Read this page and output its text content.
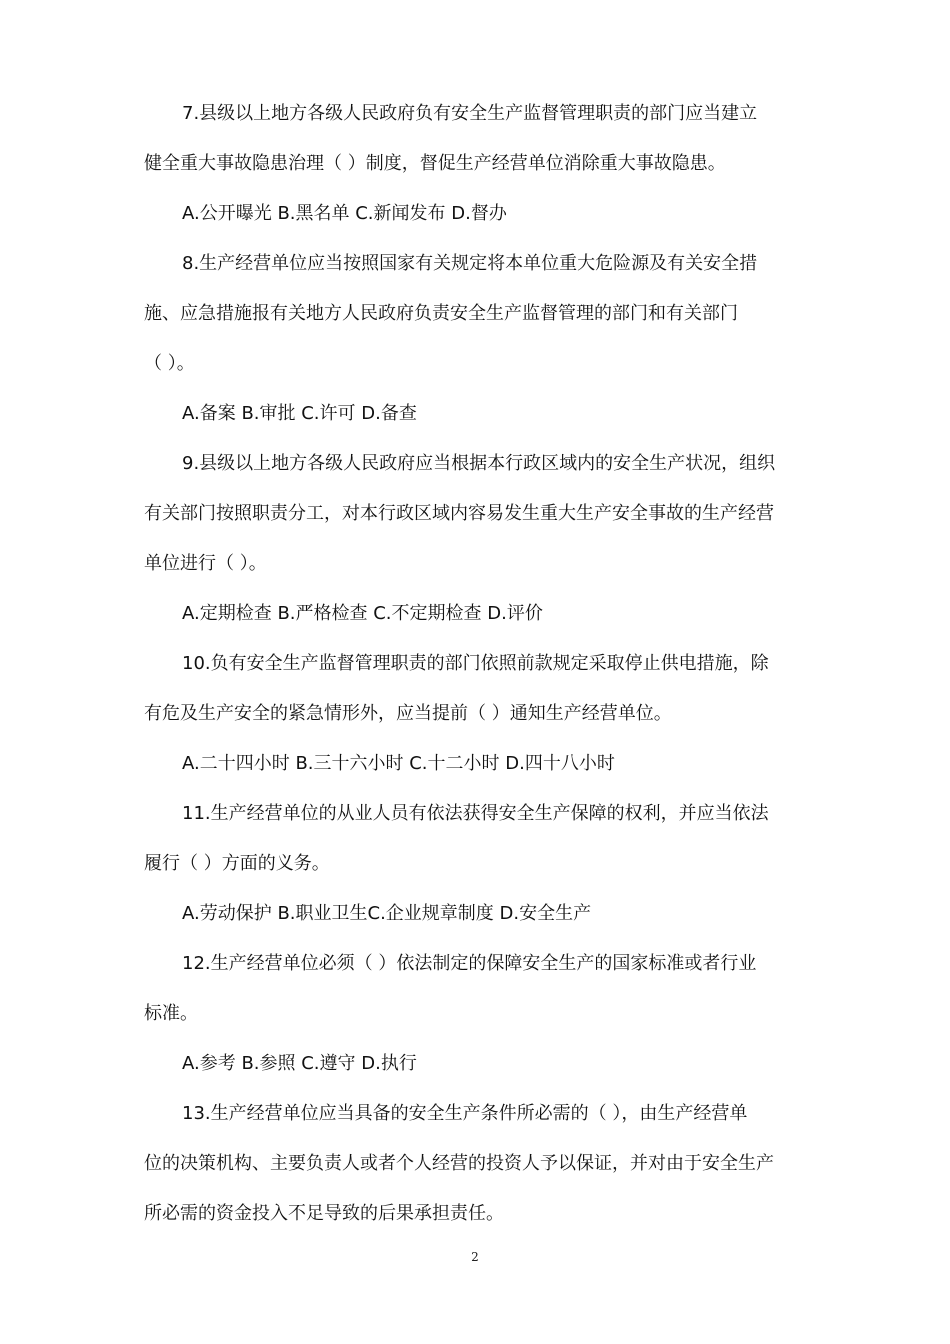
7.县级以上地方各级人民政府负有安全生产监督管理职责的部门应当建立
健全重大事故隐患治理（ ）制度，督促生产经营单位消除重大事故隐患。
A.公开曝光 B.黑名单 C.新闻发布 D.督办
8.生产经营单位应当按照国家有关规定将本单位重大危险源及有关安全措
施、应急措施报有关地方人民政府负责安全生产监督管理的部门和有关部门
（ ）。
A.备案 B.审批 C.许可 D.备查
9.县级以上地方各级人民政府应当根据本行政区域内的安全生产状况，组织
有关部门按照职责分工，对本行政区域内容易发生重大生产安全事故的生产经营
单位进行（ ）。
A.定期检查 B.严格检查 C.不定期检查 D.评价
10.负有安全生产监督管理职责的部门依照前款规定采取停止供电措施，除
有危及生产安全的紧急情形外，应当提前（ ）通知生产经营单位。
A.二十四小时 B.三十六小时 C.十二小时 D.四十八小时
11.生产经营单位的从业人员有依法获得安全生产保障的权利，并应当依法
履行（ ）方面的义务。
A.劳动保护 B.职业卫生C.企业规章制度 D.安全生产
12.生产经营单位必须（ ）依法制定的保障安全生产的国家标准或者行业
标准。
A.参考 B.参照 C.遵守 D.执行
13.生产经营单位应当具备的安全生产条件所必需的（ ），由生产经营单
位的决策机构、主要负责人或者个人经营的投资人予以保证，并对由于安全生产
所必需的资金投入不足导致的后果承担责任。
2
